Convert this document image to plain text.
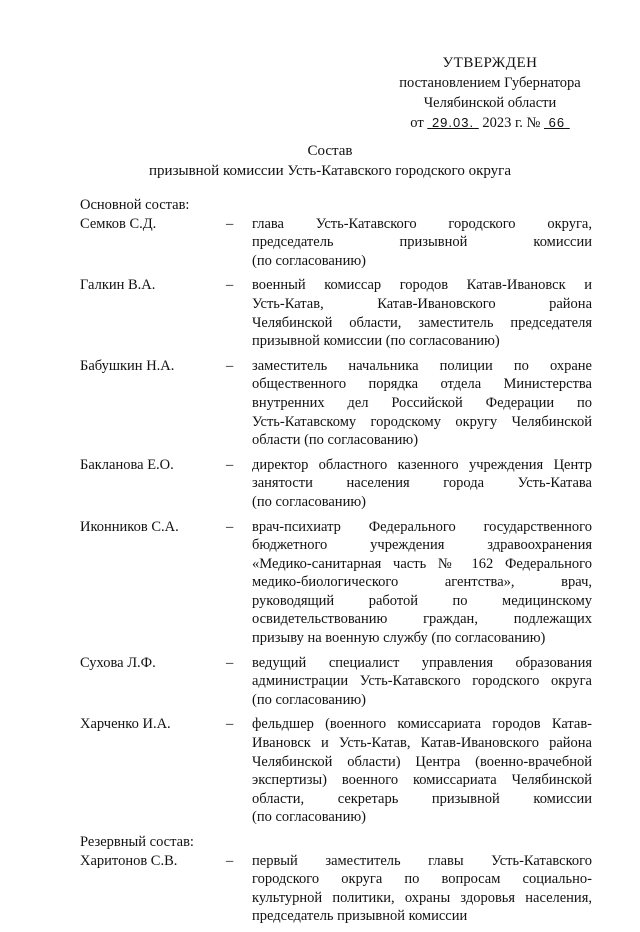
УТВЕРЖДЕН
постановлением Губернатора
Челябинской области
от 29.03. 2023 г. № 66
Состав
призывной комиссии Усть-Катавского городского округа
Основной состав:
Семков С.Д.	–	глава Усть-Катавского городского округа,
председатель призывной комиссии
(по согласованию)
Галкин В.А.	–	военный комиссар городов Катав-Ивановск и
Усть-Катав, Катав-Ивановского района
Челябинской области, заместитель председателя
призывной комиссии (по согласованию)
Бабушкин Н.А.	–	заместитель начальника полиции по охране
общественного порядка отдела Министерства
внутренних дел Российской Федерации по
Усть-Катавскому городскому округу Челябинской
области (по согласованию)
Бакланова Е.О.	–	директор областного казенного учреждения Центр
занятости населения города Усть-Катава
(по согласованию)
Иконников С.А.	–	врач-психиатр Федерального государственного
бюджетного учреждения здравоохранения
«Медико-санитарная часть № 162 Федерального
медико-биологического агентства», врач,
руководящий работой по медицинскому
освидетельствованию граждан, подлежащих
призыву на военную службу (по согласованию)
Сухова Л.Ф.	–	ведущий специалист управления образования
администрации Усть-Катавского городского округа
(по согласованию)
Харченко И.А.	–	фельдшер (военного комиссариата городов Катав-
Ивановск и Усть-Катав, Катав-Ивановского района
Челябинской области) Центра (военно-врачебной
экспертизы) военного комиссариата Челябинской
области, секретарь призывной комиссии
(по согласованию)
Резервный состав:
Харитонов С.В.	–	первый заместитель главы Усть-Катавского
городского округа по вопросам социально-
культурной политики, охраны здоровья населения,
председатель призывной комиссии
